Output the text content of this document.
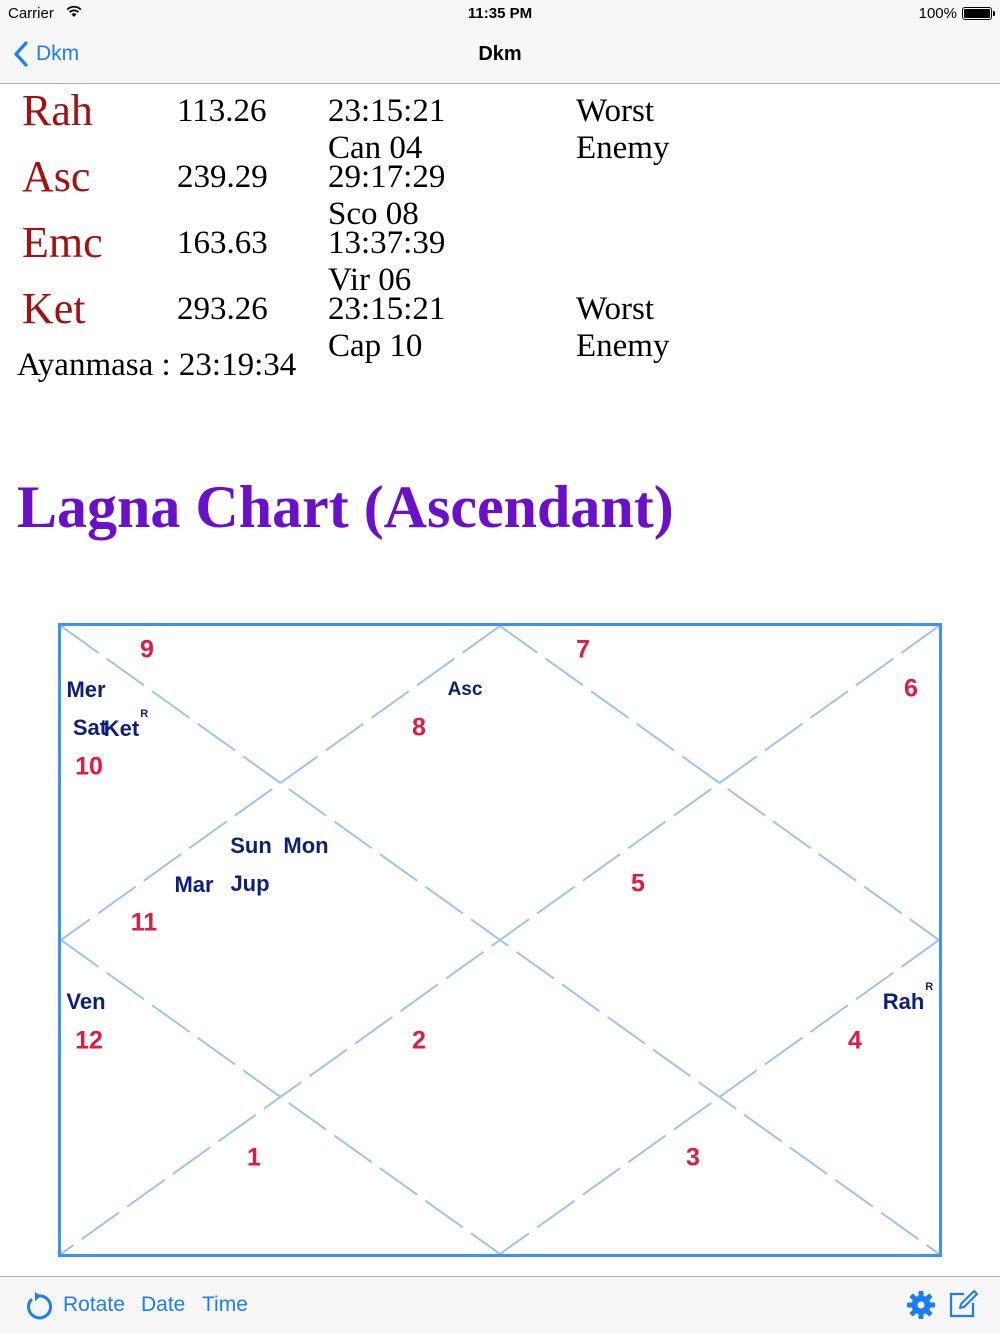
Carrier	11:35 PM	100%
Dkm	Dkm
Rah	113.26 23:15:21 Can 04
Worst Enemy
Asc	239.29 29:17:29 Sco 08
Emc 163.63 13:37:39 Vir 06
Ket	293.26 23:15:21 Cap 10
Worst Enemy
Ayanmasa : 23:19:34
Lagna Chart (Ascendant)
9	7
6
8
10
5
11
12	2	4
1	3
Mer
Sat
Ket$^R$
Asc
Sun Mon
Mar Jup
Ven	Rah$^R$
Rotate Date Time
